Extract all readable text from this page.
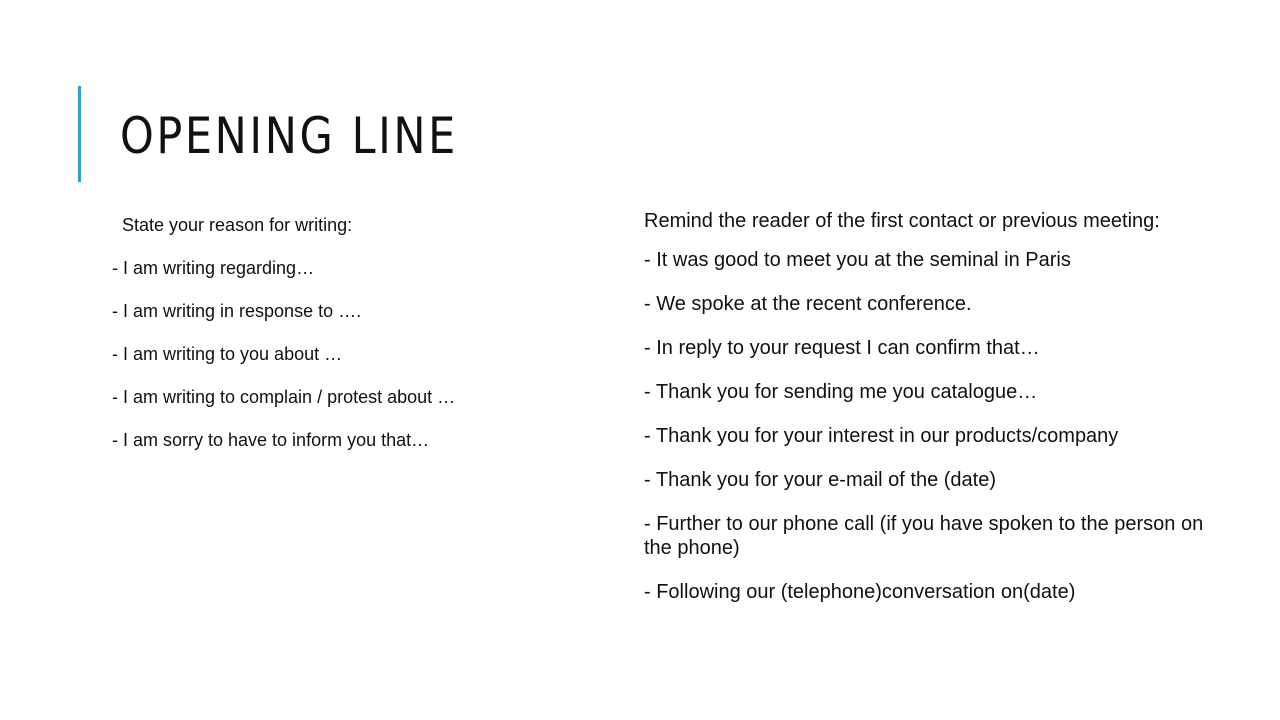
OPENING LINE
State your reason for writing:
- I am writing regarding…
- I am writing in response to ….
- I am writing to you about …
- I am writing to complain / protest about …
- I am sorry to have to inform you that…
Remind the reader of the first contact or previous meeting:
- It was good to meet you at the seminal in Paris
- We spoke at the recent conference.
- In reply to your request I can confirm that…
- Thank you for sending me you catalogue…
- Thank you for your interest in our products/company
- Thank you for your e-mail of the (date)
- Further to our phone call (if you have spoken to the person on the phone)
- Following our (telephone)conversation on(date)
